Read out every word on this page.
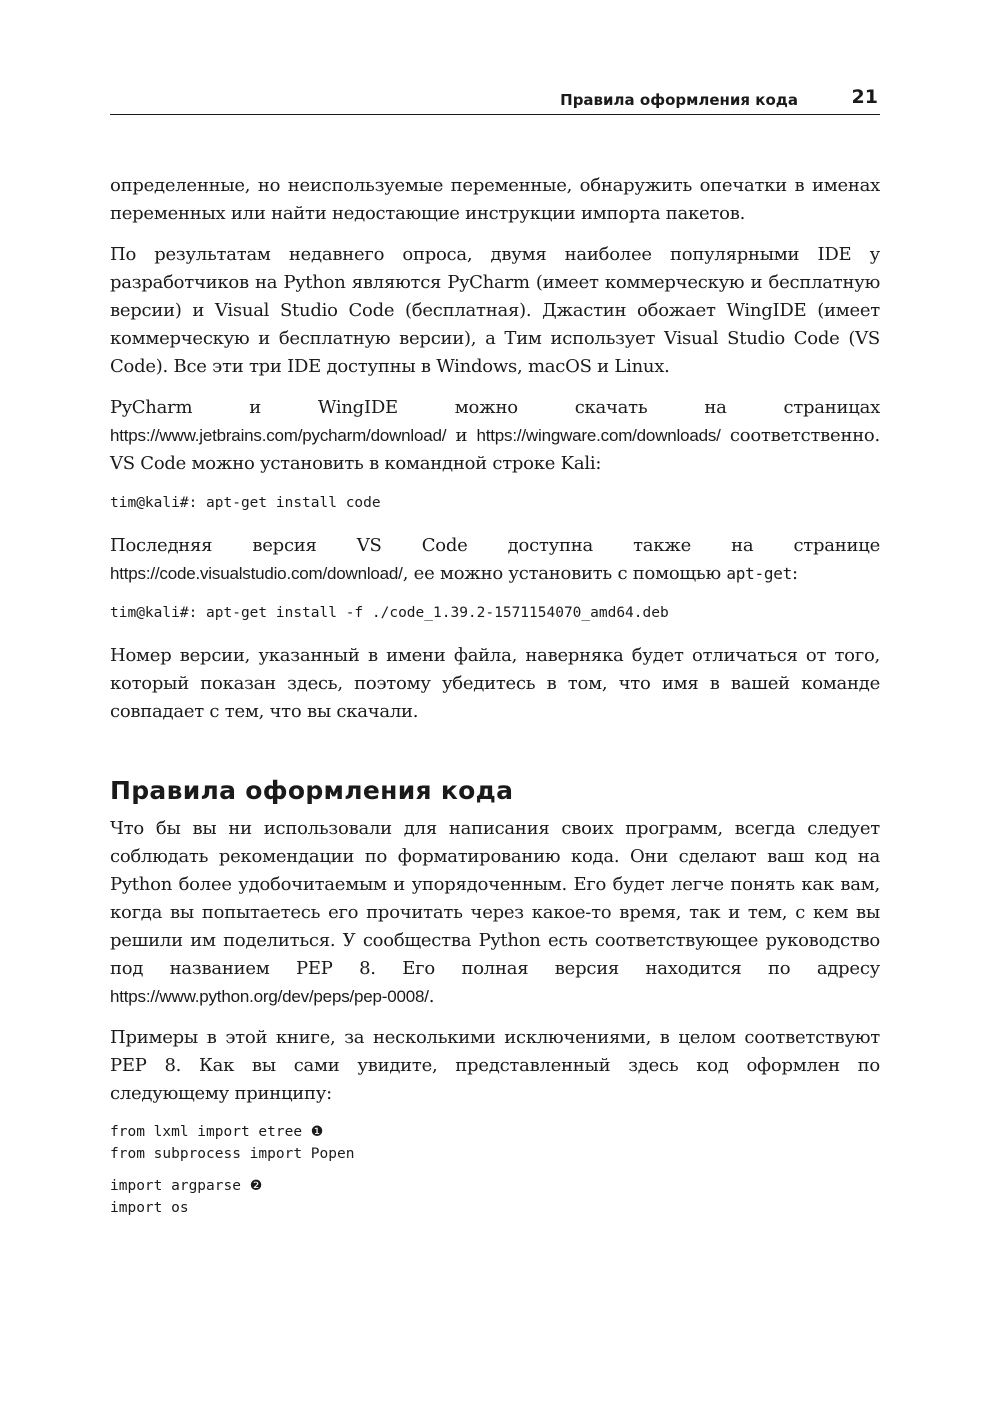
Правила оформления кода	21

определенные, но неиспользуемые переменные, обнаружить опечатки в именах переменных или найти недостающие инструкции импорта пакетов.

По результатам недавнего опроса, двумя наиболее популярными IDE у разработчиков на Python являются PyCharm (имеет коммерческую и бесплатную версии) и Visual Studio Code (бесплатная). Джастин обожает WingIDE (имеет коммерческую и бесплатную версии), а Тим использует Visual Studio Code (VS Code). Все эти три IDE доступны в Windows, macOS и Linux.

PyCharm и WingIDE можно скачать на страницах https://www.jetbrains.com/pycharm/download/ и https://wingware.com/downloads/ соответственно. VS Code можно установить в командной строке Kali:

tim@kali#: apt-get install code

Последняя версия VS Code доступна также на странице https://code.visualstudio.com/download/, ее можно установить с помощью apt-get:

tim@kali#: apt-get install -f ./code_1.39.2-1571154070_amd64.deb

Номер версии, указанный в имени файла, наверняка будет отличаться от того, который показан здесь, поэтому убедитесь в том, что имя в вашей команде совпадает с тем, что вы скачали.

Правила оформления кода

Что бы вы ни использовали для написания своих программ, всегда следует соблюдать рекомендации по форматированию кода. Они сделают ваш код на Python более удобочитаемым и упорядоченным. Его будет легче понять как вам, когда вы попытаетесь его прочитать через какое-то время, так и тем, с кем вы решили им поделиться. У сообщества Python есть соответствующее руководство под названием PEP 8. Его полная версия находится по адресу https://www.python.org/dev/peps/pep-0008/.

Примеры в этой книге, за несколькими исключениями, в целом соответствуют PEP 8. Как вы сами увидите, представленный здесь код оформлен по следующему принципу:

from lxml import etree ❶
from subprocess import Popen
import argparse ❷
import os
